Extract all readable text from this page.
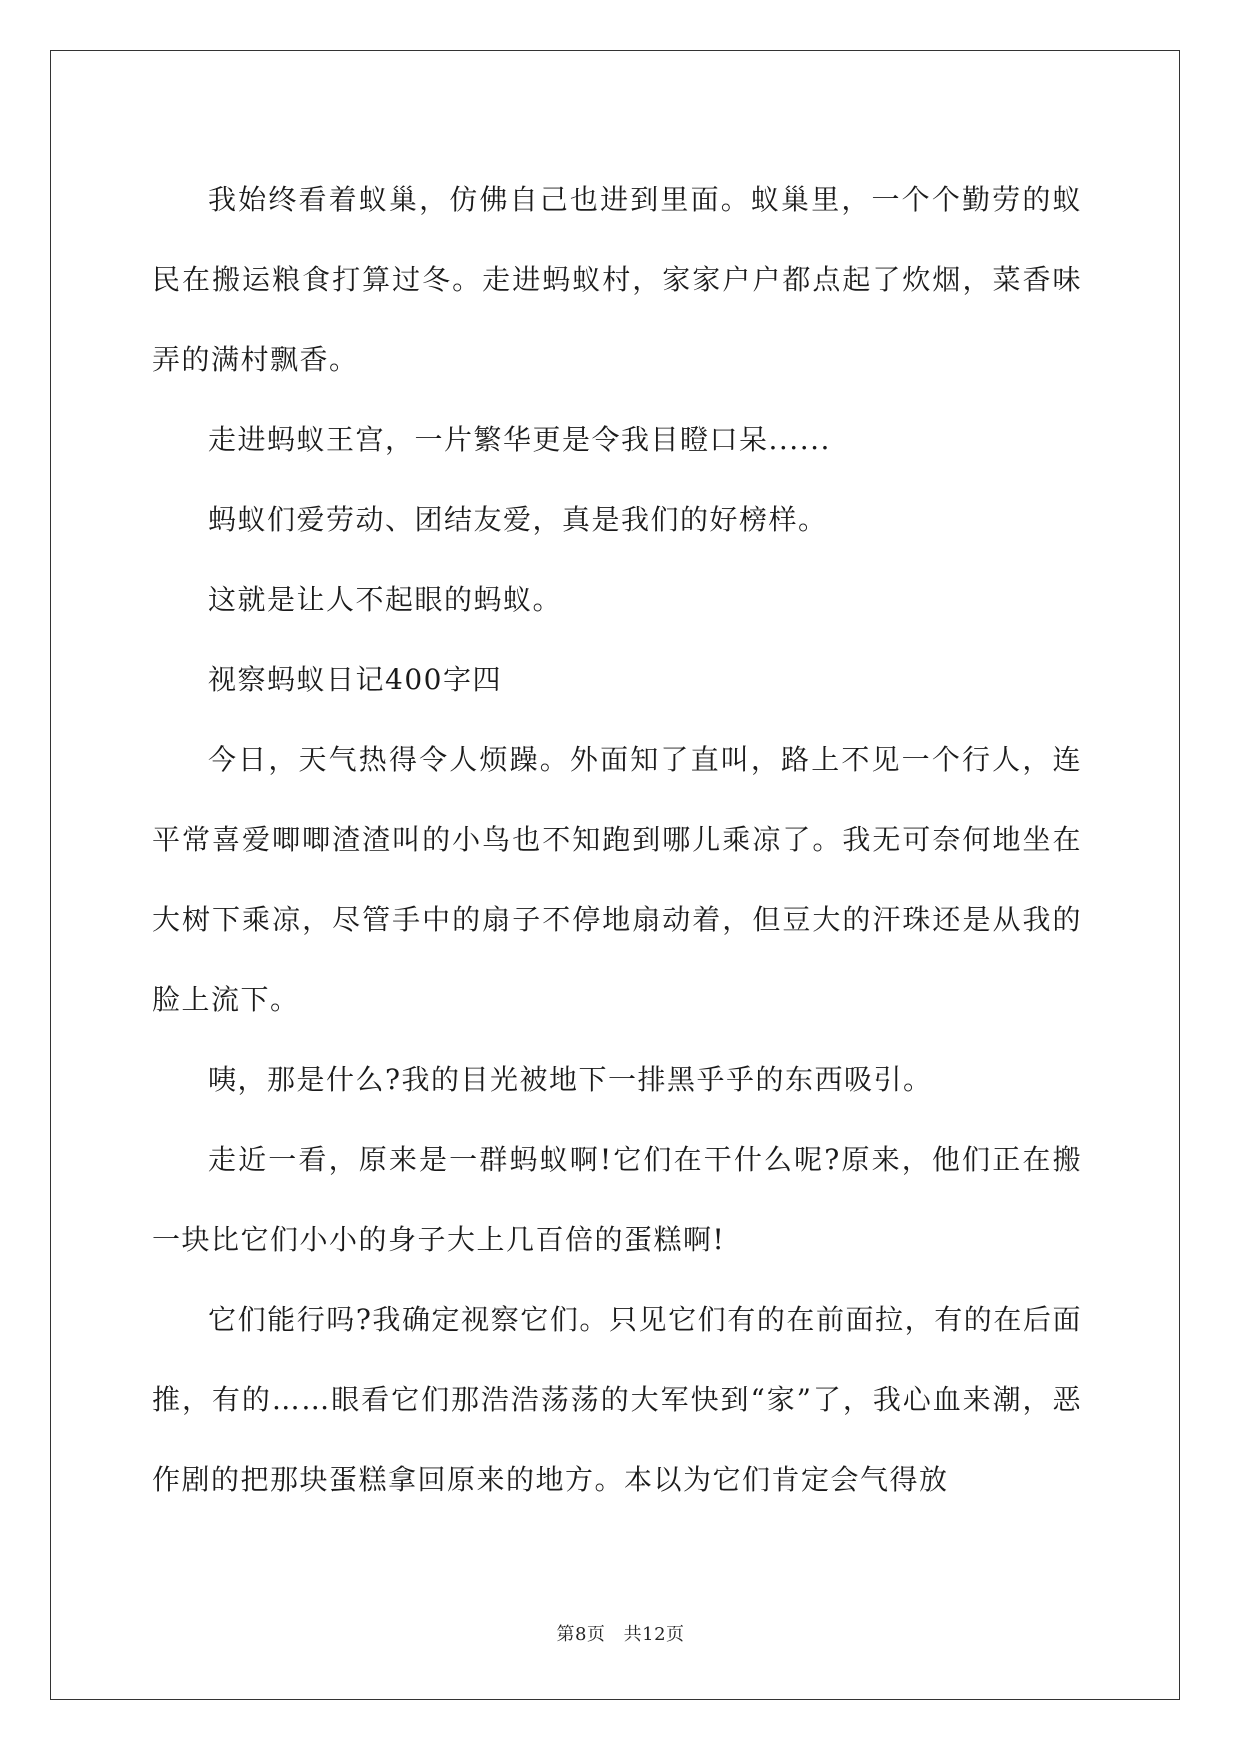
我始终看着蚁巢，仿佛自己也进到里面。蚁巢里，一个个勤劳的蚁民在搬运粮食打算过冬。走进蚂蚁村，家家户户都点起了炊烟，菜香味弄的满村飘香。

走进蚂蚁王宫，一片繁华更是令我目瞪口呆......

蚂蚁们爱劳动、团结友爱，真是我们的好榜样。

这就是让人不起眼的蚂蚁。

视察蚂蚁日记400字四

今日，天气热得令人烦躁。外面知了直叫，路上不见一个行人，连平常喜爱唧唧渣渣叫的小鸟也不知跑到哪儿乘凉了。我无可奈何地坐在大树下乘凉，尽管手中的扇子不停地扇动着，但豆大的汗珠还是从我的脸上流下。

咦，那是什么?我的目光被地下一排黑乎乎的东西吸引。

走近一看，原来是一群蚂蚁啊!它们在干什么呢?原来，他们正在搬一块比它们小小的身子大上几百倍的蛋糕啊!

它们能行吗?我确定视察它们。只见它们有的在前面拉，有的在后面推，有的……眼看它们那浩浩荡荡的大军快到“家”了，我心血来潮，恶作剧的把那块蛋糕拿回原来的地方。本以为它们肯定会气得放

第8页 共12页
